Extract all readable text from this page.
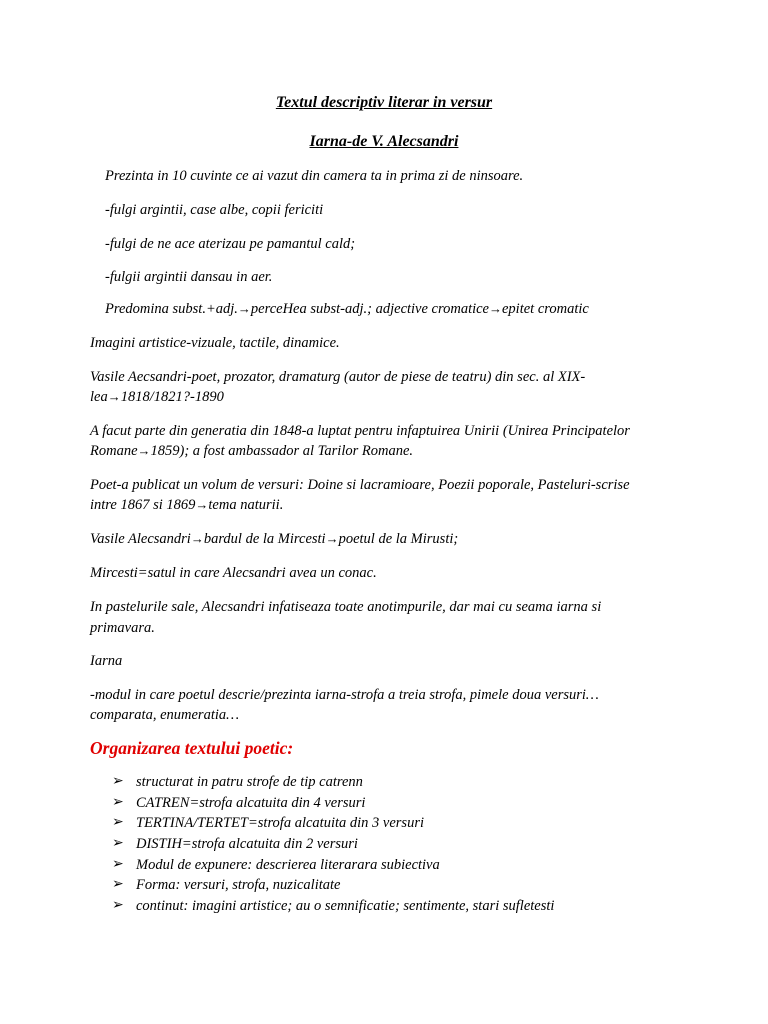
Textul descriptiv literar in versur
Iarna-de V. Alecsandri
Prezinta in 10 cuvinte ce ai vazut din camera ta in prima zi de ninsoare.
-fulgi argintii, case albe, copii fericiti
-fulgi de ne ace aterizau pe pamantul cald;
-fulgii argintii dansau in aer.
Predomina subst.+adj.→perceHea subst-adj.; adjective cromatice→epitet cromatic
Imagini artistice-vizuale, tactile, dinamice.
Vasile Aecsandri-poet, prozator, dramaturg (autor de piese de teatru) din sec. al XIX-
lea→1818/1821?-1890
A facut parte din generatia din 1848-a luptat pentru infaptuirea Unirii (Unirea Principatelor
Romane→1859); a fost ambassador al Tarilor Romane.
Poet-a publicat un volum de versuri: Doine si lacramioare, Poezii poporale, Pasteluri-scrise
intre 1867 si 1869→tema naturii.
Vasile Alecsandri→bardul de la Mircesti→poetul de la Mirusti;
Mircesti=satul in care Alecsandri avea un conac.
In pastelurile sale, Alecsandri infatiseaza toate anotimpurile, dar mai cu seama iarna si
primavara.
Iarna
-modul in care poetul descrie/prezinta iarna-strofa a treia strofa, pimele doua versuri…
comparata, enumeratia…
Organizarea textului poetic:
➢ structurat in patru strofe de tip catrenn
➢ CATREN=strofa alcatuita din 4 versuri
➢ TERTINA/TERTET=strofa alcatuita din 3 versuri
➢ DISTIH=strofa alcatuita din 2 versuri
➢ Modul de expunere: descrierea literarara subiectiva
➢ Forma: versuri, strofa, nuzicalitate
➢ continut: imagini artistice; au o semnificatie; sentimente, stari sufletesti
